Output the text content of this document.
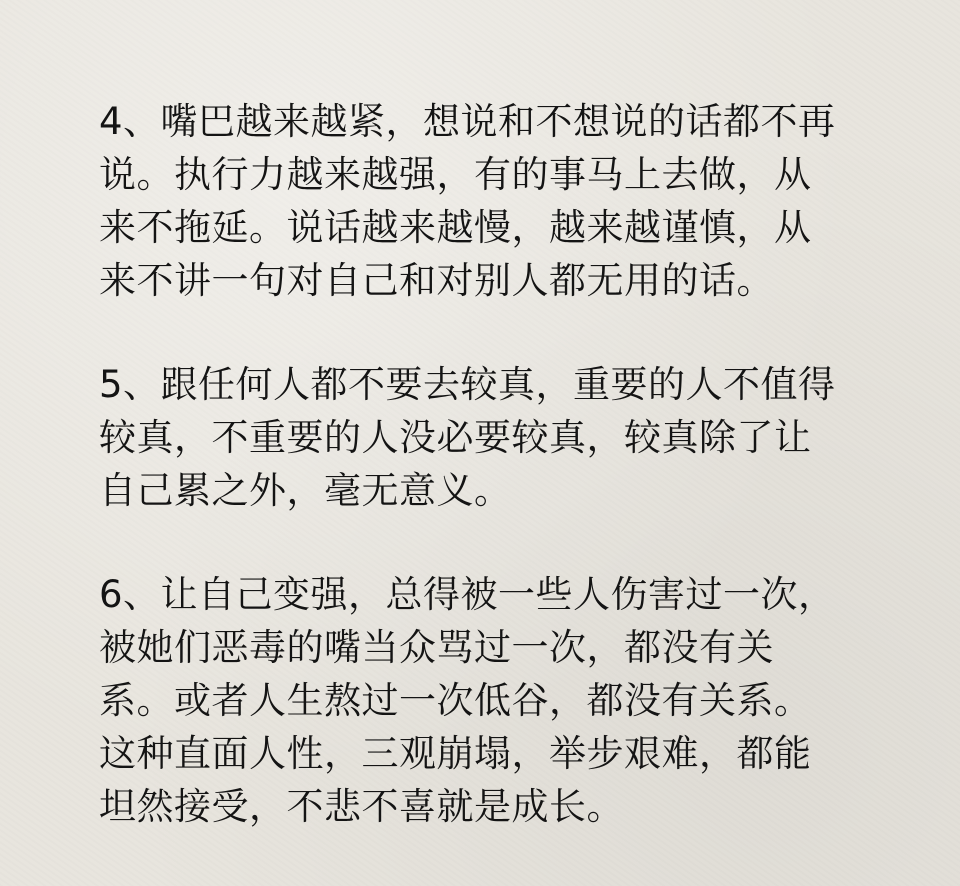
4、嘴巴越来越紧，想说和不想说的话都不再
说。执行力越来越强，有的事马上去做，从
来不拖延。说话越来越慢，越来越谨慎，从
来不讲一句对自己和对别人都无用的话。
5、跟任何人都不要去较真，重要的人不值得
较真，不重要的人没必要较真，较真除了让
自己累之外，毫无意义。
6、让自己变强，总得被一些人伤害过一次，
被她们恶毒的嘴当众骂过一次，都没有关
系。或者人生熬过一次低谷，都没有关系。
这种直面人性，三观崩塌，举步艰难，都能
坦然接受，不悲不喜就是成长。
